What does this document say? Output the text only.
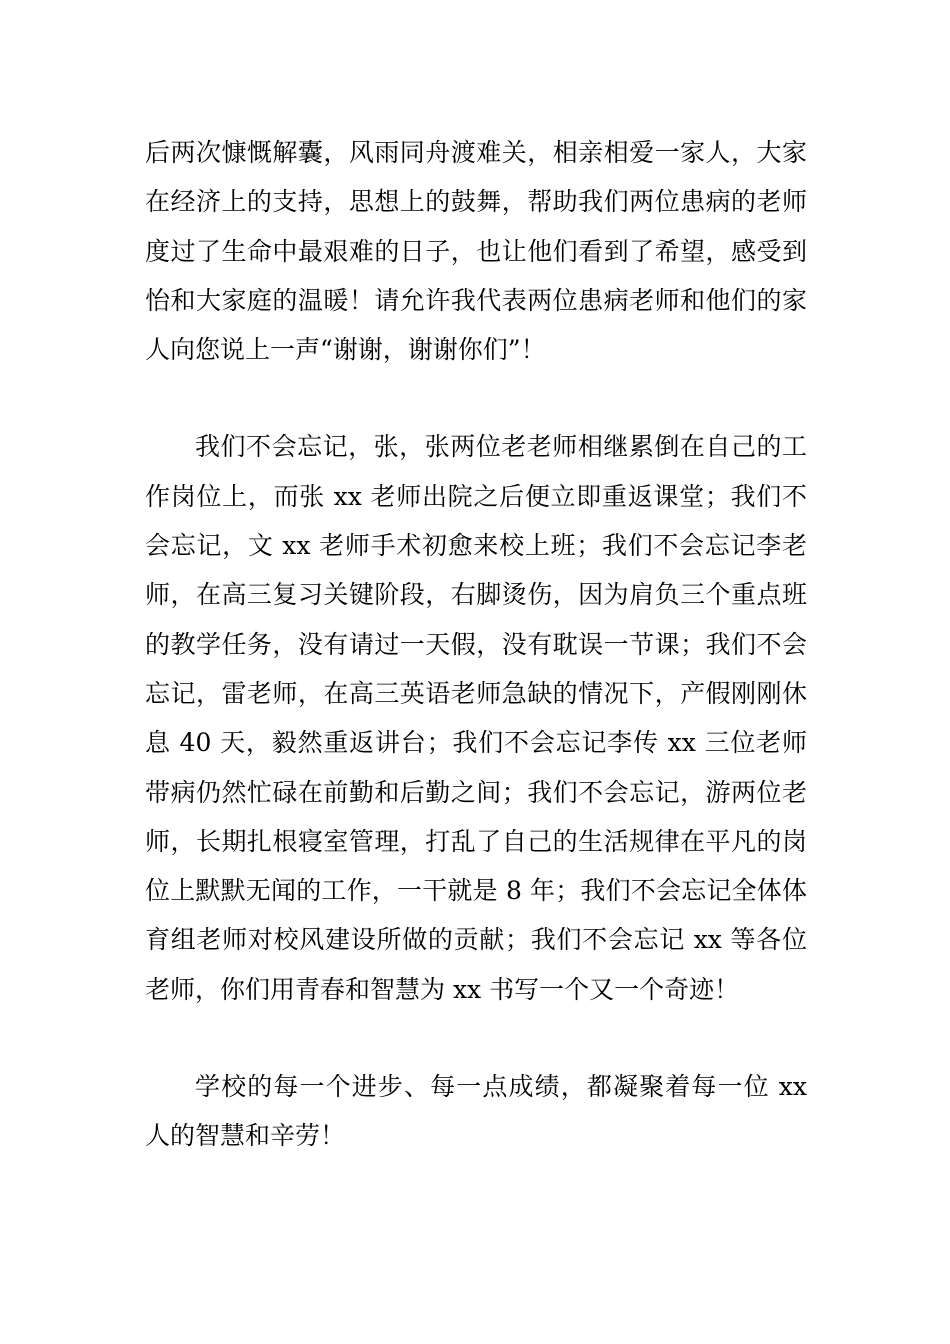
后两次慷慨解囊，风雨同舟渡难关，相亲相爱一家人，大家在经济上的支持，思想上的鼓舞，帮助我们两位患病的老师度过了生命中最艰难的日子，也让他们看到了希望，感受到怡和大家庭的温暖！请允许我代表两位患病老师和他们的家人向您说上一声“谢谢，谢谢你们”！

我们不会忘记，张，张两位老老师相继累倒在自己的工作岗位上，而张 xx 老师出院之后便立即重返课堂；我们不会忘记，文 xx 老师手术初愈来校上班；我们不会忘记李老师，在高三复习关键阶段，右脚烫伤，因为肩负三个重点班的教学任务，没有请过一天假，没有耽误一节课；我们不会忘记，雷老师，在高三英语老师急缺的情况下，产假刚刚休息 40 天，毅然重返讲台；我们不会忘记李传 xx 三位老师带病仍然忙碌在前勤和后勤之间；我们不会忘记，游两位老师，长期扎根寝室管理，打乱了自己的生活规律在平凡的岗位上默默无闻的工作，一干就是 8 年；我们不会忘记全体体育组老师对校风建设所做的贡献；我们不会忘记 xx 等各位老师，你们用青春和智慧为 xx 书写一个又一个奇迹！

学校的每一个进步、每一点成绩，都凝聚着每一位 xx 人的智慧和辛劳！
